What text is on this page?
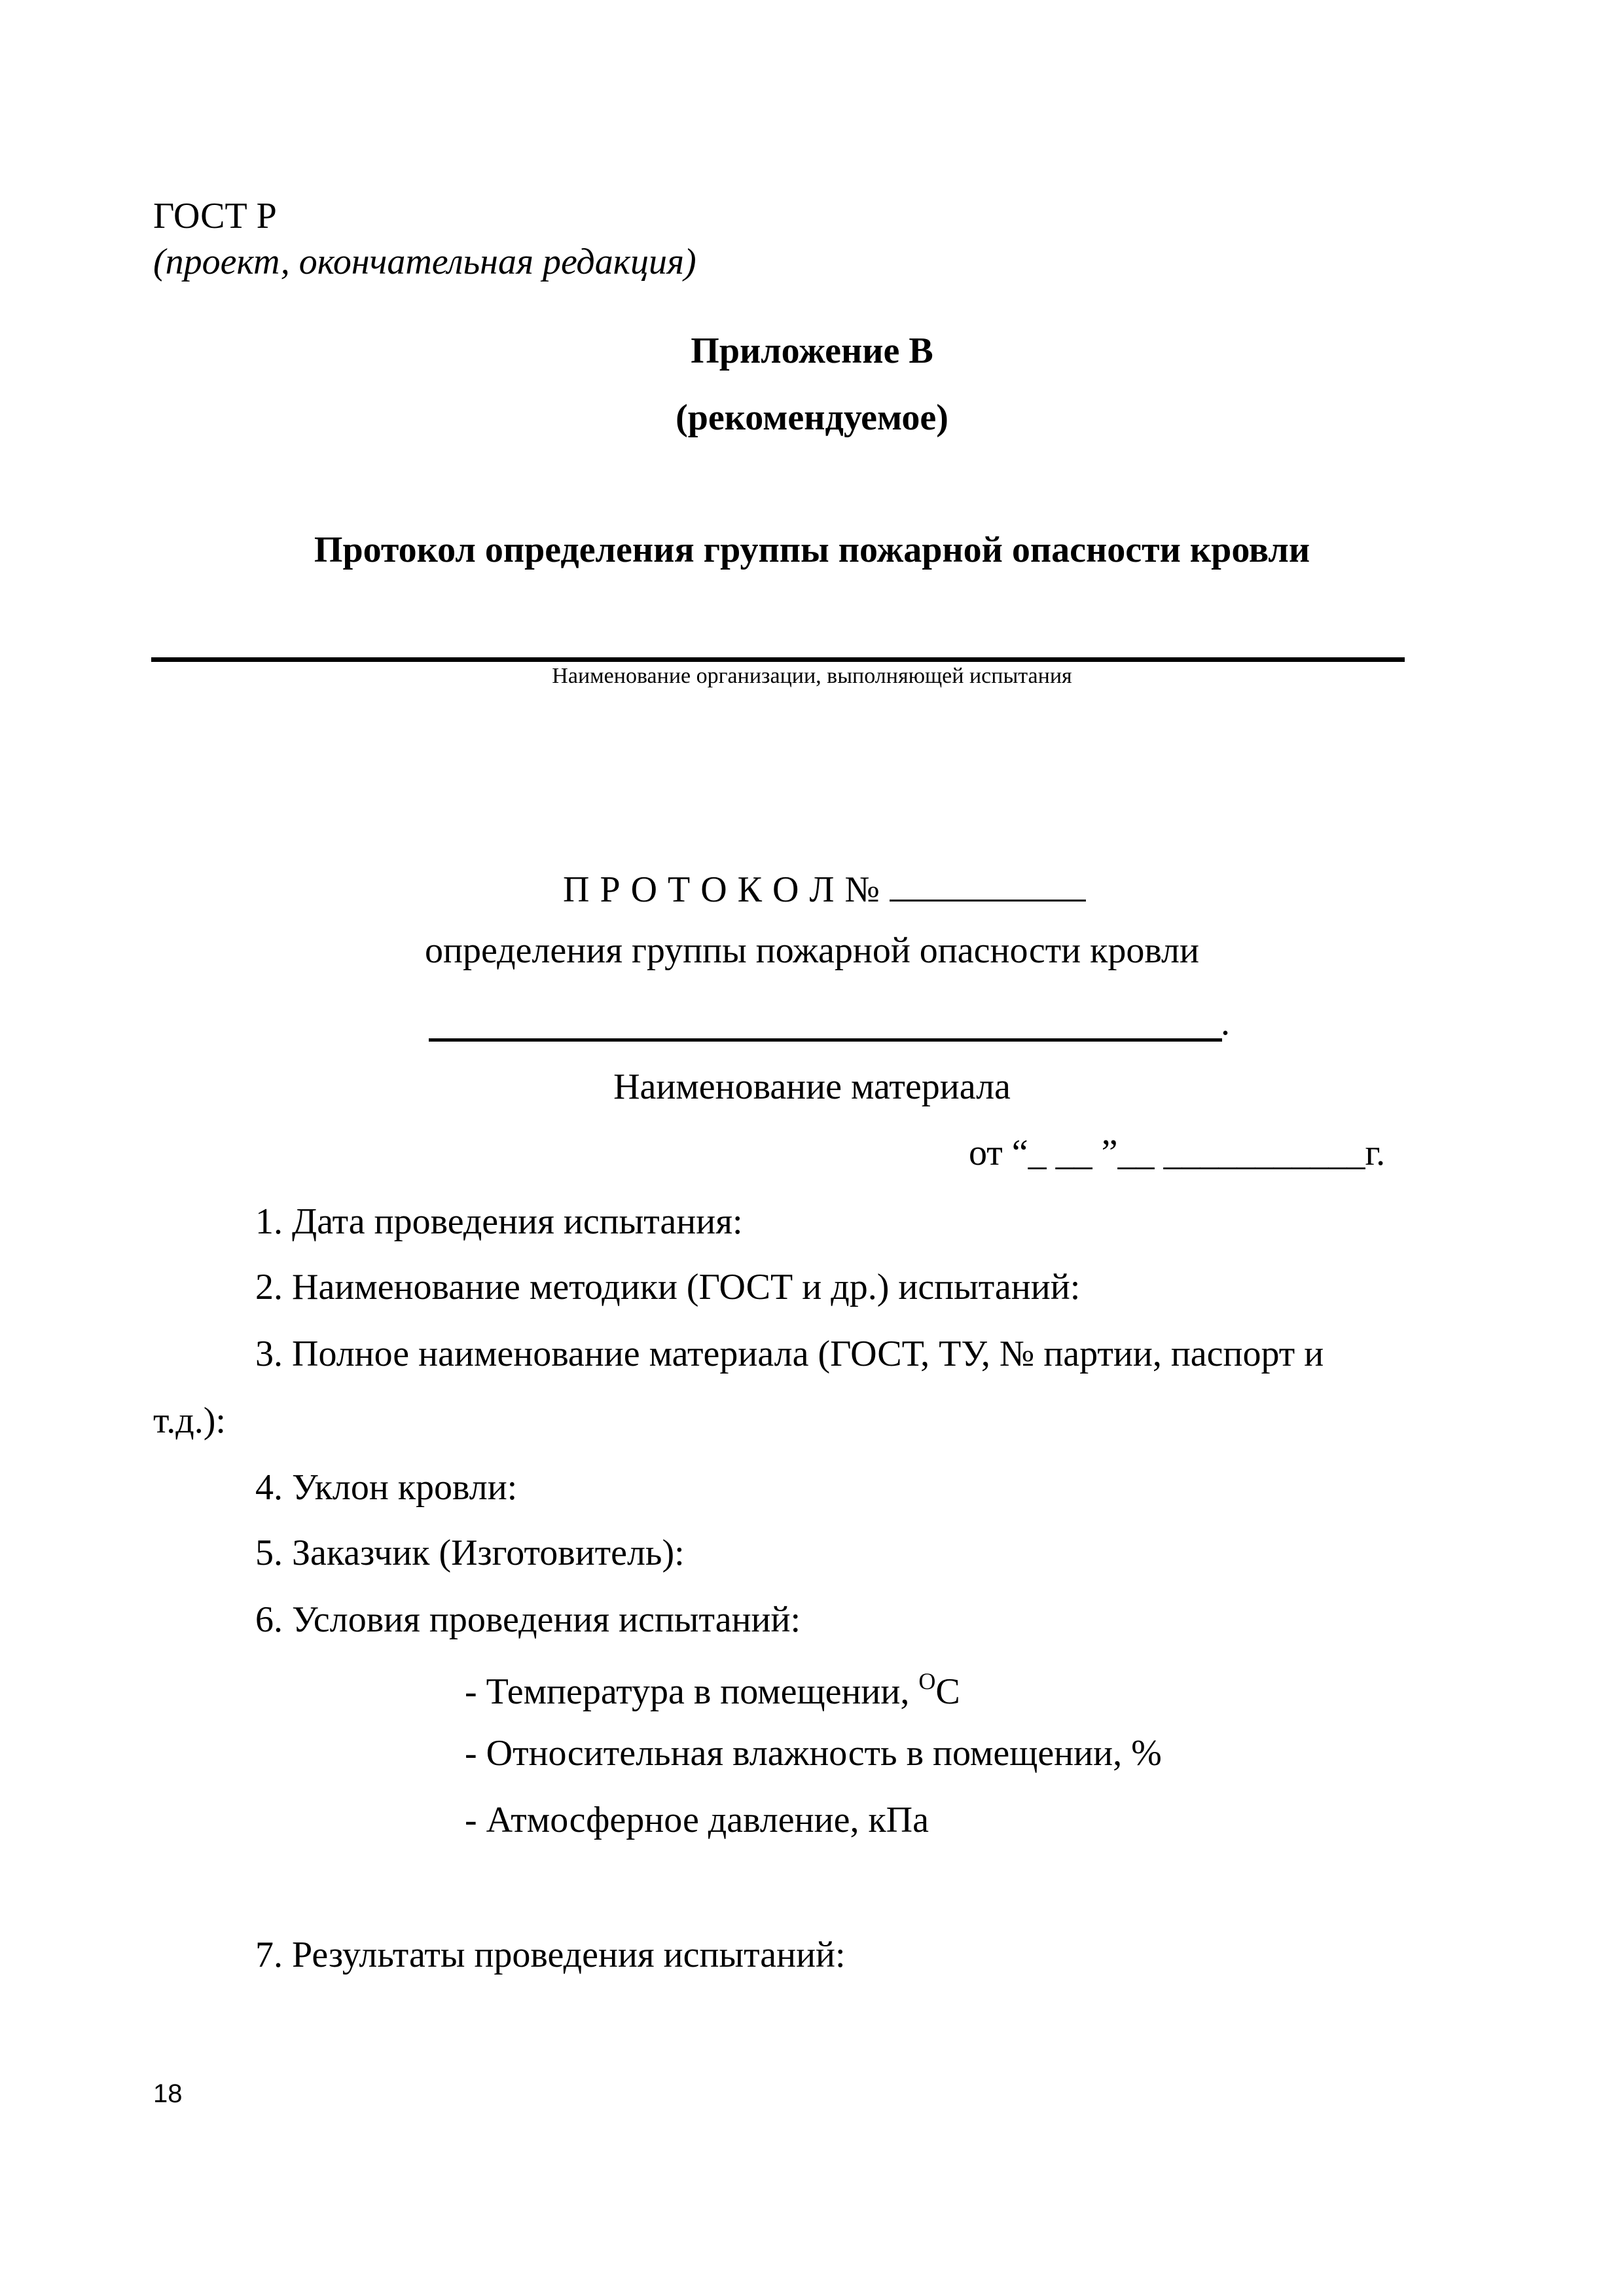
ГОСТ Р
(проект, окончательная редакция)
Приложение В
(рекомендуемое)
Протокол определения группы пожарной опасности кровли
Наименование организации, выполняющей испытания
П Р О Т О К О Л №
определения группы пожарной опасности кровли
.
Наименование материала
от “_ __ ”__ ___________г.
1. Дата проведения испытания:
2. Наименование методики (ГОСТ и др.) испытаний:
3. Полное наименование материала (ГОСТ, ТУ, № партии, паспорт и
т.д.):
4. Уклон кровли:
5. Заказчик (Изготовитель):
6. Условия проведения испытаний:
- Температура в помещении, $^O$C
- Относительная влажность в помещении, %
- Атмосферное давление, кПа
7. Результаты проведения испытаний:
18
